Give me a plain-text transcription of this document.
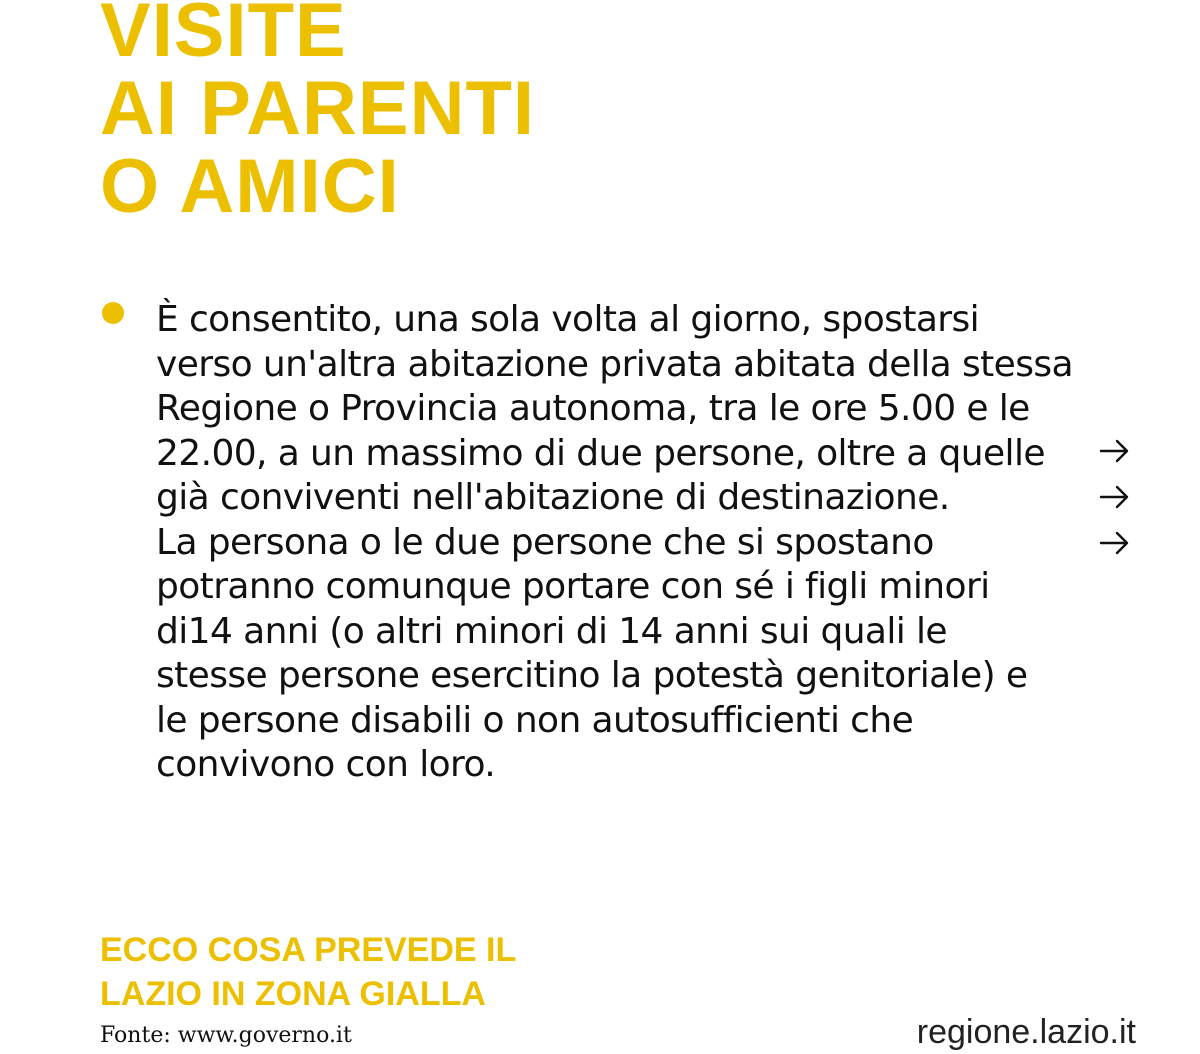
VISITE
AI PARENTI
O AMICI

È consentito, una sola volta al giorno, spostarsi
verso un'altra abitazione privata abitata della stessa
Regione o Provincia autonoma, tra le ore 5.00 e le
22.00, a un massimo di due persone, oltre a quelle
già conviventi nell'abitazione di destinazione.
La persona o le due persone che si spostano
potranno comunque portare con sé i figli minori
di14 anni (o altri minori di 14 anni sui quali le
stesse persone esercitino la potestà genitoriale) e
le persone disabili o non autosufficienti che
convivono con loro.

ECCO COSA PREVEDE IL
LAZIO IN ZONA GIALLA

Fonte: www.governo.it	regione.lazio.it
